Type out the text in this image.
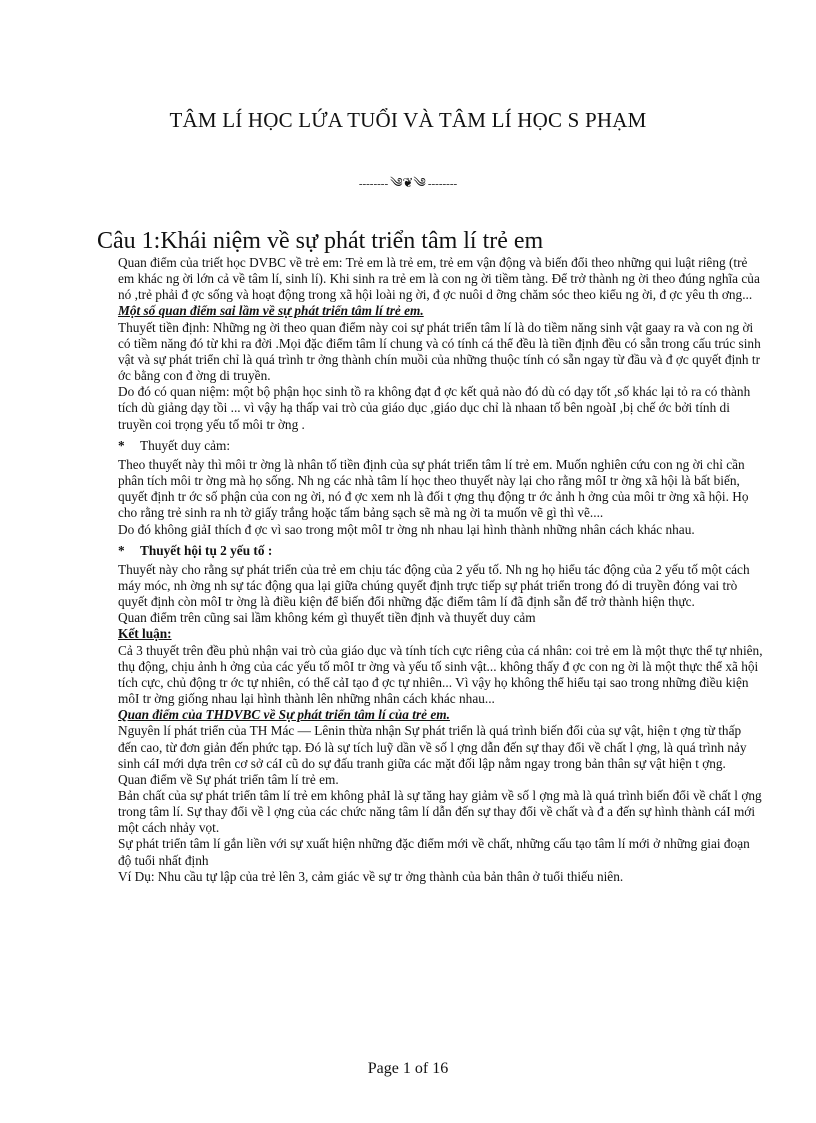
TÂM LÍ HỌC LỨA TUỔI VÀ TÂM LÍ HỌC S PHẠM
-------- ༄❦༄ --------
Câu 1:Khái niệm về sự phát triển tâm lí trẻ em

Quan điểm của triết học DVBC về trẻ em: Trẻ em là trẻ em, trẻ em vận động và biến đổi theo những qui luật riêng (trẻ em khác ng ời lớn cả về tâm lí, sinh lí). Khi sinh ra trẻ em là con ng ời tiềm tàng. Để trở thành ng ời theo đúng nghĩa của nó ,trẻ phải đ ợc sống và hoạt động trong xã hội loài ng ời, đ ợc nuôi d ỡng chăm sóc theo kiểu ng ời, đ ợc yêu th ơng...

Một số quan điểm sai lầm về sự phát triển tâm lí trẻ em.

Thuyết tiền định: Những ng ời theo quan điểm này coi sự phát triển tâm lí là do tiềm năng sinh vật gaay ra và con ng ời có tiềm năng đó từ khi ra đời .Mọi đặc điểm tâm lí chung và có tính cá thể đều là tiền định đều có sẵn trong cấu trúc sinh vật và sự phát triển chỉ là quá trình tr ởng thành chín muồi của những thuộc tính có sẵn ngay từ đầu và đ ợc quyết định tr ớc bằng con đ ờng di truyền.

Do đó có quan niệm: một bộ phận học sinh tồ ra không đạt đ ợc kết quả nào đó dù có dạy tốt ,số khác lại tỏ ra có thành tích dù giảng dạy tồi ... vì vậy hạ thấp vai trò của giáo dục ,giáo dục chỉ là nhaan tố bên ngoàI ,bị chế ớc bởi tính di truyền coi trọng yếu tố môi tr ờng .

* Thuyết duy cảm:

Theo thuyết này thì môi tr ờng là nhân tố tiền định của sự phát triển tâm lí trẻ em. Muốn nghiên cứu con ng ời chỉ cần phân tích môi tr ờng mà họ sống. Nh ng các nhà tâm lí học theo thuyết này lại cho rằng môI tr ờng xã hội là bất biến, quyết định tr ớc số phận của con ng ời, nó đ ợc xem nh là đối t ợng thụ động tr ớc ảnh h ởng của môi tr ờng xã hội. Họ cho rằng trẻ sinh ra nh tờ giấy trắng hoặc tấm bảng sạch sẽ mà ng ời ta muốn vẽ gì thì vẽ....

Do đó không giảI thích đ ợc vì sao trong một môI tr ờng nh nhau lại hình thành những nhân cách khác nhau.

* Thuyết hội tụ 2 yếu tố :

Thuyết này cho rằng sự phát triển của trẻ em chịu tác động của 2 yếu tố. Nh ng họ hiểu tác động của 2 yếu tố một cách máy móc, nh ờng nh sự tác động qua lại giữa chúng quyết định trực tiếp sự phát triển trong đó di truyền đóng vai trò quyết định còn môI tr ờng là điều kiện để biến đổi những đặc điểm tâm lí đã định sẵn để trở thành hiện thực.

Quan điểm trên cũng sai lầm không kém gì thuyết tiền định và thuyết duy cảm

Kết luận:

Cả 3 thuyết trên đều phủ nhận vai trò của giáo dục và tính tích cực riêng của cá nhân: coi trẻ em là một thực thể tự nhiên, thụ động, chịu ảnh h ởng của các yếu tố môI tr ờng và yếu tố sinh vật... không thấy đ ợc con ng ời là một thực thể xã hội tích cực, chủ động tr ớc tự nhiên, có thể cảI tạo đ ợc tự nhiên... Vì vậy họ không thể hiểu tại sao trong những điều kiện môI tr ờng giống nhau lại hình thành lên những nhân cách khác nhau...

Quan điểm của THDVBC về Sự phát triển tâm lí của trẻ em.

Nguyên lí phát triển của TH Mác — Lênin thừa nhận Sự phát triển là quá trình biến đổi của sự vật, hiện t ợng từ thấp đến cao, từ đơn giản đến phức tạp. Đó là sự tích luỹ dần về số l ợng dẫn đến sự thay đổi về chất l ợng, là quá trình nảy sinh cáI mới dựa trên cơ sở cáI cũ do sự đấu tranh giữa các mặt đối lập nằm ngay trong bản thân sự vật hiện t ợng.

Quan điểm về Sự phát triển tâm lí trẻ em.

Bản chất của sự phát triển tâm lí trẻ em không phảI là sự tăng hay giảm về số l ợng mà là quá trình biến đổi về chất l ợng trong tâm lí. Sự thay đổi về l ợng của các chức năng tâm lí dẫn đến sự thay đổi về chất và đ a đến sự hình thành cáI mới một cách nhảy vọt.

Sự phát triển tâm lí gắn liền với sự xuất hiện những đặc điểm mới về chất, những cấu tạo tâm lí mới ở những giai đoạn độ tuổi nhất định

Ví Dụ: Nhu cầu tự lập của trẻ lên 3, cảm giác về sự tr ởng thành của bản thân ở tuổi thiếu niên.

Page 1 of 16
